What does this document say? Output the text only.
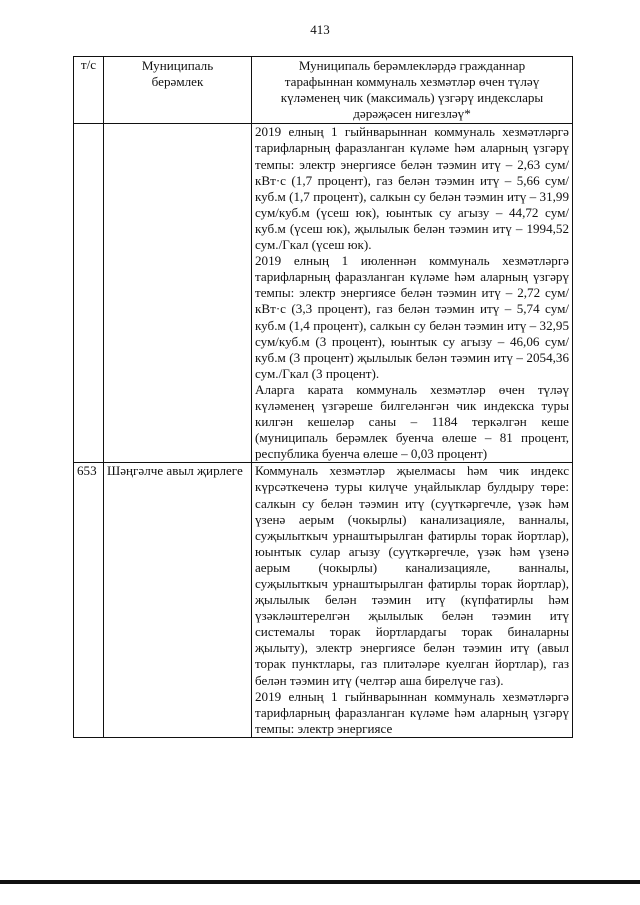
413
т/с	Муниципаль берәмлек	Муниципаль берәмлекләрдә гражданнар тарафыннан коммуналь хезмәтләр өчен түләү күләменең чик (максималь) үзгәрү индекслары дәрәҗәсен нигезләү*

		2019 елның 1 гыйнварыннан коммуналь хезмәтләргә тарифларның фаразланган күләме һәм аларның үзгәрү темпы: электр энергиясе белән тәэмин итү – 2,63 сум/кВт·с (1,7 процент), газ белән тәэмин итү – 5,66 сум/куб.м (1,7 процент), салкын су белән тәэмин итү – 31,99 сум/куб.м (үсеш юк), юынтык су агызу – 44,72 сум/куб.м (үсеш юк), җылылык белән тәэмин итү – 1994,52 сум./Гкал (үсеш юк).

2019 елның 1 июленнән коммуналь хезмәтләргә тарифларның фаразланган күләме һәм аларның үзгәрү темпы: электр энергиясе белән тәэмин итү – 2,72 сум/кВт·с (3,3 процент), газ белән тәэмин итү – 5,74 сум/куб.м (1,4 процент), салкын су белән тәэмин итү – 32,95 сум/куб.м (3 процент), юынтык су агызу – 46,06 сум/куб.м (3 процент) җылылык белән тәэмин итү – 2054,36 сум./Гкал (3 процент).

Аларга карата коммуналь хезмәтләр өчен түләү күләменең үзгәреше билгеләнгән чик индекска туры килгән кешеләр саны – 1184 теркәлгән кеше (муниципаль берәмлек буенча өлеше – 81 процент, республика буенча өлеше – 0,03 процент)

653	Шәңгәлче авыл җирлеге	Коммуналь хезмәтләр җыелмасы һәм чик индекс күрсәткеченә туры килүче уңайлыклар булдыру төре: салкын су белән тәэмин итү (суүткәргечле, үзәк һәм үзенә аерым (чокырлы) канализацияле, ванналы, суҗылыткыч урнаштырылган фатирлы торак йортлар), юынтык сулар агызу (суүткәргечле, үзәк һәм үзенә аерым (чокырлы) канализацияле, ванналы, суҗылыткыч урнаштырылган фатирлы торак йортлар), җылылык белән тәэмин итү (күпфатирлы һәм үзәкләштерелгән җылылык белән тәэмин итү системалы торак йортлардагы торак биналарны җылыту), электр энергиясе белән тәэмин итү (авыл торак пунктлары, газ плитәләре куелган йортлар), газ белән тәэмин итү (чeлтәр аша бирелүче газ).

2019 елның 1 гыйнварыннан коммуналь хезмәтләргә тарифларның фаразланган күләме һәм аларның үзгәрү темпы: электр энергиясе
